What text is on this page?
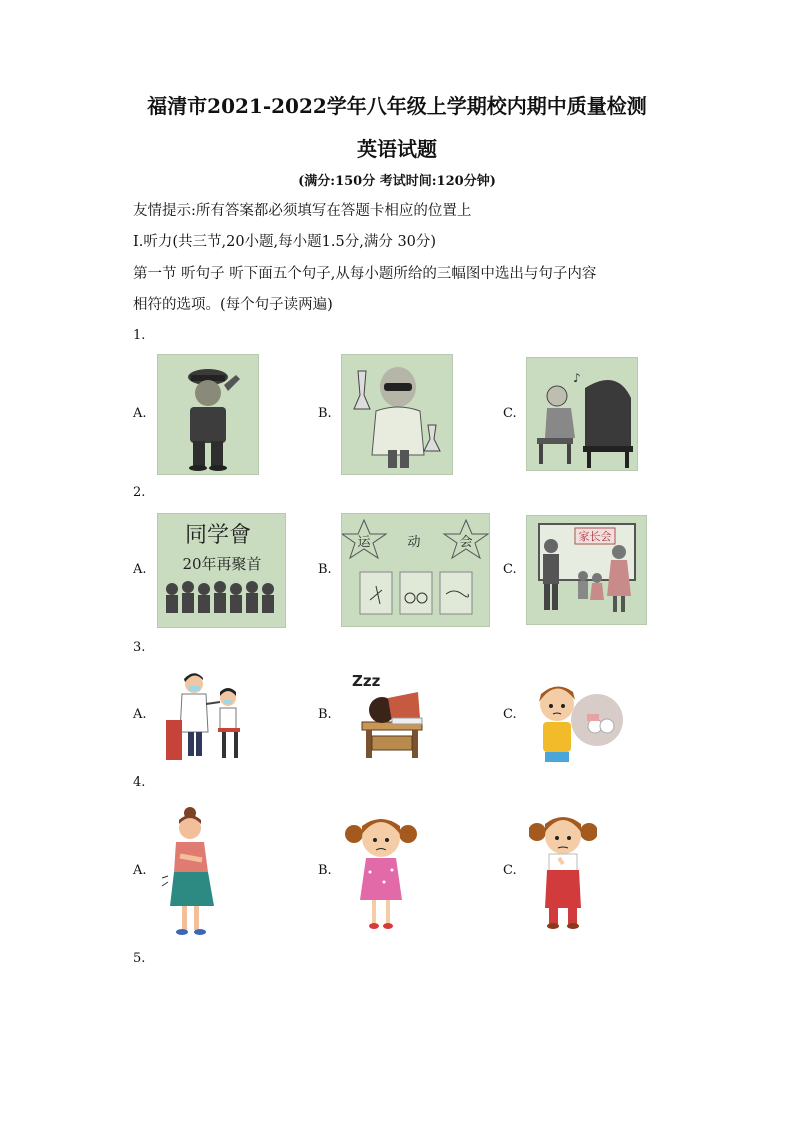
福清市2021-2022学年八年级上学期校内期中质量检测
英语试题
(满分:150分 考试时间:120分钟)
友情提示:所有答案都必须填写在答题卡相应的位置上
I.听力(共三节,20小题,每小题1.5分,满分 30分)
第一节 听句子 听下面五个句子,从每小题所给的三幅图中选出与句子内容
相符的选项。(每个句子读两遍)
1.
A.	B.	C.
♪
2.
A.	B.	C.
同学會
20年再聚首
运	动	会	家长会
3.
A.	B.	C.
Zzz
4.
A.	B.	C.
5.
